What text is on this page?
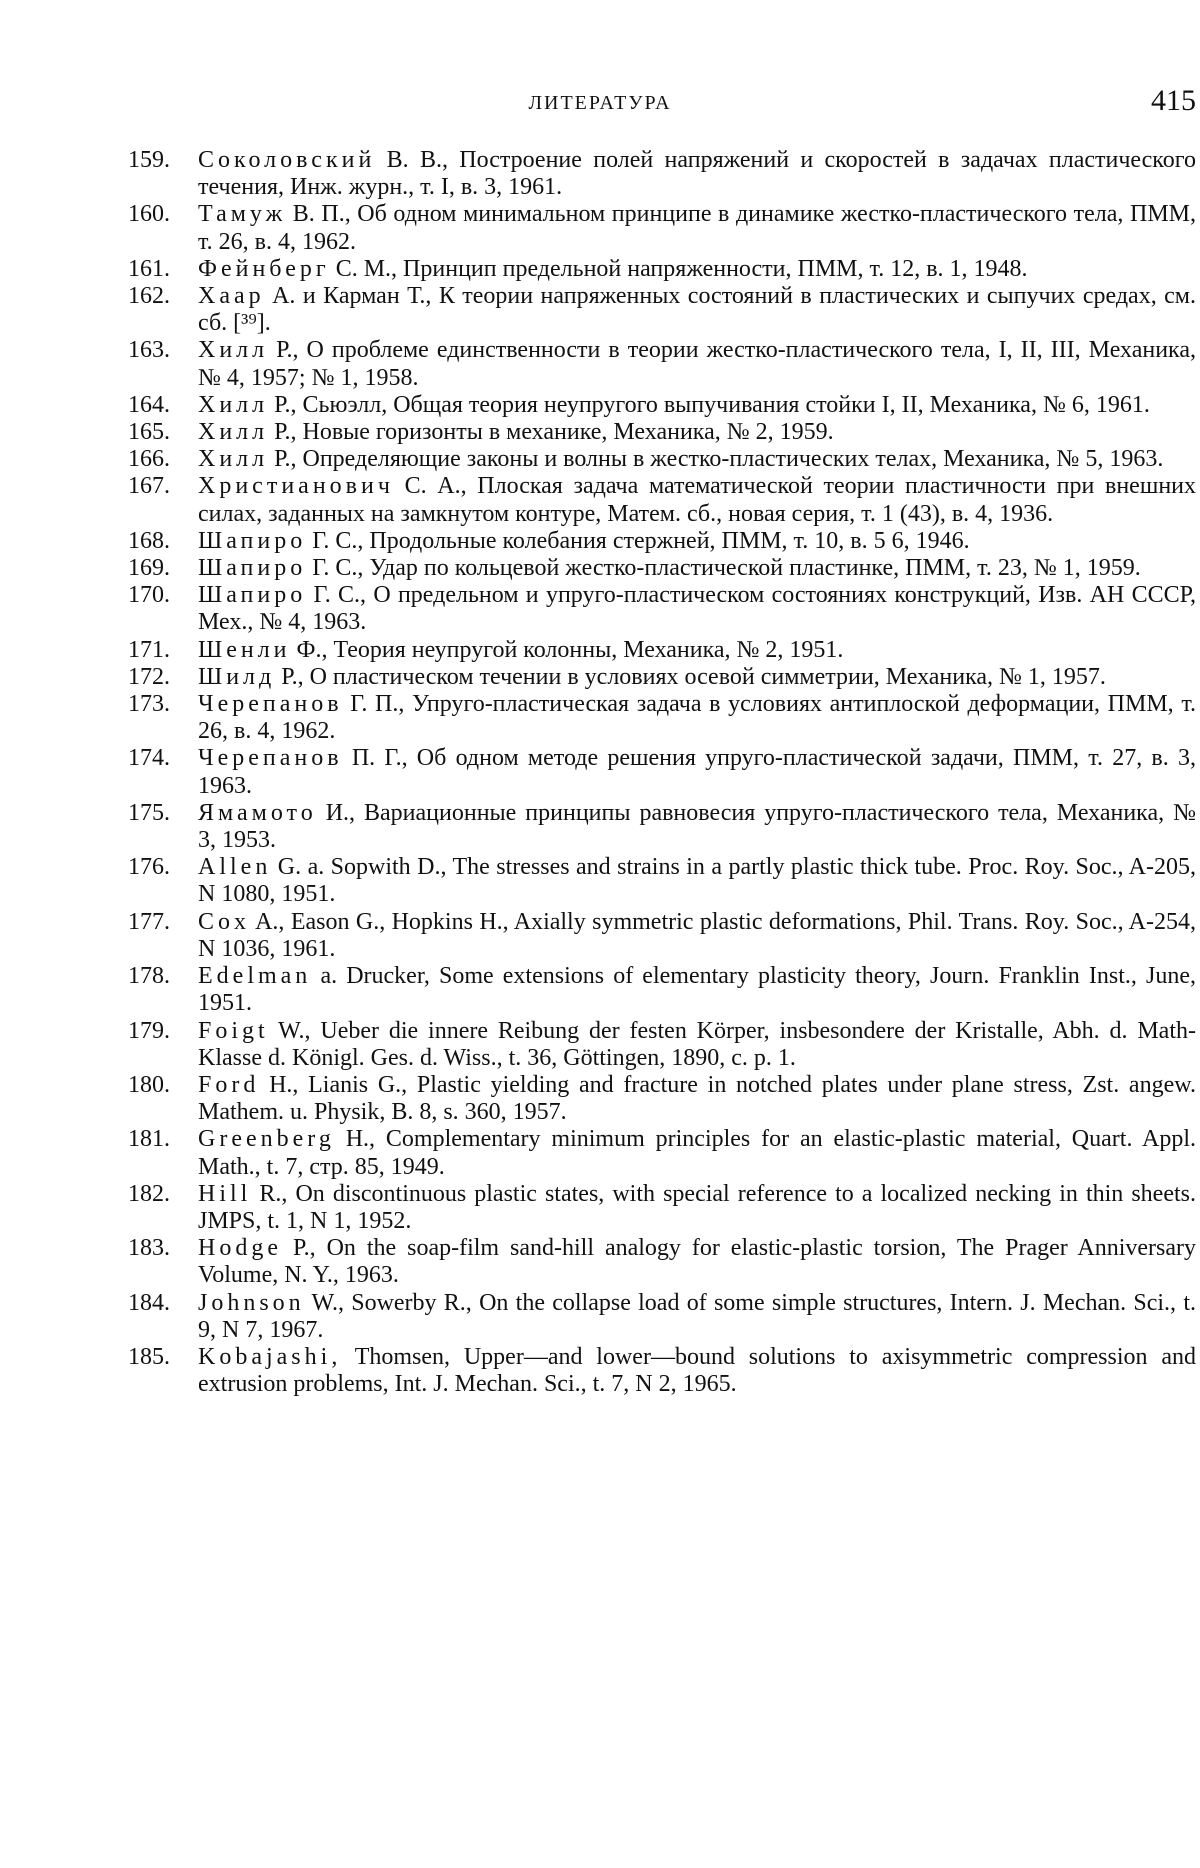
ЛИТЕРАТУРА	415
159. Соколовский В. В., Построение полей напряжений и скоростей в задачах пластического течения, Инж. журн., т. I, в. 3, 1961.
160. Тамуж В. П., Об одном минимальном принципе в динамике жестко-пластического тела, ПММ, т. 26, в. 4, 1962.
161. Фейнберг С. М., Принцип предельной напряженности, ПММ, т. 12, в. 1, 1948.
162. Хаар А. и Карман Т., К теории напряженных состояний в пластических и сыпучих средах, см. сб. [³⁹].
163. Хилл Р., О проблеме единственности в теории жестко-пластического тела, I, II, III, Механика, № 4, 1957; № 1, 1958.
164. Хилл Р., Сьюэлл, Общая теория неупругого выпучивания стойки I, II, Механика, № 6, 1961.
165. Хилл Р., Новые горизонты в механике, Механика, № 2, 1959.
166. Хилл Р., Определяющие законы и волны в жестко-пластических телах, Механика, № 5, 1963.
167. Христианович С. А., Плоская задача математической теории пластичности при внешних силах, заданных на замкнутом контуре, Матем. сб., новая серия, т. 1 (43), в. 4, 1936.
168. Шапиро Г. С., Продольные колебания стержней, ПММ, т. 10, в. 5 6, 1946.
169. Шапиро Г. С., Удар по кольцевой жестко-пластической пластинке, ПММ, т. 23, № 1, 1959.
170. Шапиро Г. С., О предельном и упруго-пластическом состояниях конструкций, Изв. АН СССР, Мех., № 4, 1963.
171. Шенли Ф., Теория неупругой колонны, Механика, № 2, 1951.
172. Шилд Р., О пластическом течении в условиях осевой симметрии, Механика, № 1, 1957.
173. Черепанов Г. П., Упруго-пластическая задача в условиях антиплоской деформации, ПММ, т. 26, в. 4, 1962.
174. Черепанов П. Г., Об одном методе решения упруго-пластической задачи, ПММ, т. 27, в. 3, 1963.
175. Ямамото И., Вариационные принципы равновесия упруго-пластического тела, Механика, № 3, 1953.
176. Allen G. a. Sopwith D., The stresses and strains in a partly plastic thick tube. Proc. Roy. Soc., A-205, N 1080, 1951.
177. Cox A., Eason G., Hopkins H., Axially symmetric plastic deformations, Phil. Trans. Roy. Soc., A-254, N 1036, 1961.
178. Edelman a. Drucker, Some extensions of elementary plasticity theory, Journ. Franklin Inst., June, 1951.
179. Foigt W., Ueber die innere Reibung der festen Körper, insbesondere der Kristalle, Abh. d. Math-Klasse d. Königl. Ges. d. Wiss., t. 36, Göttingen, 1890, c. p. 1.
180. Ford H., Lianis G., Plastic yielding and fracture in notched plates under plane stress, Zst. angew. Mathem. u. Physik, B. 8, s. 360, 1957.
181. Greenberg H., Complementary minimum principles for an elastic-plastic material, Quart. Appl. Math., t. 7, стр. 85, 1949.
182. Hill R., On discontinuous plastic states, with special reference to a localized necking in thin sheets. JMPS, t. 1, N 1, 1952.
183. Hodge P., On the soap-film sand-hill analogy for elastic-plastic torsion, The Prager Anniversary Volume, N. Y., 1963.
184. Johnson W., Sowerby R., On the collapse load of some simple structures, Intern. J. Mechan. Sci., t. 9, N 7, 1967.
185. Kobajashi, Thomsen, Upper—and lower—bound solutions to axisymmetric compression and extrusion problems, Int. J. Mechan. Sci., t. 7, N 2, 1965.
